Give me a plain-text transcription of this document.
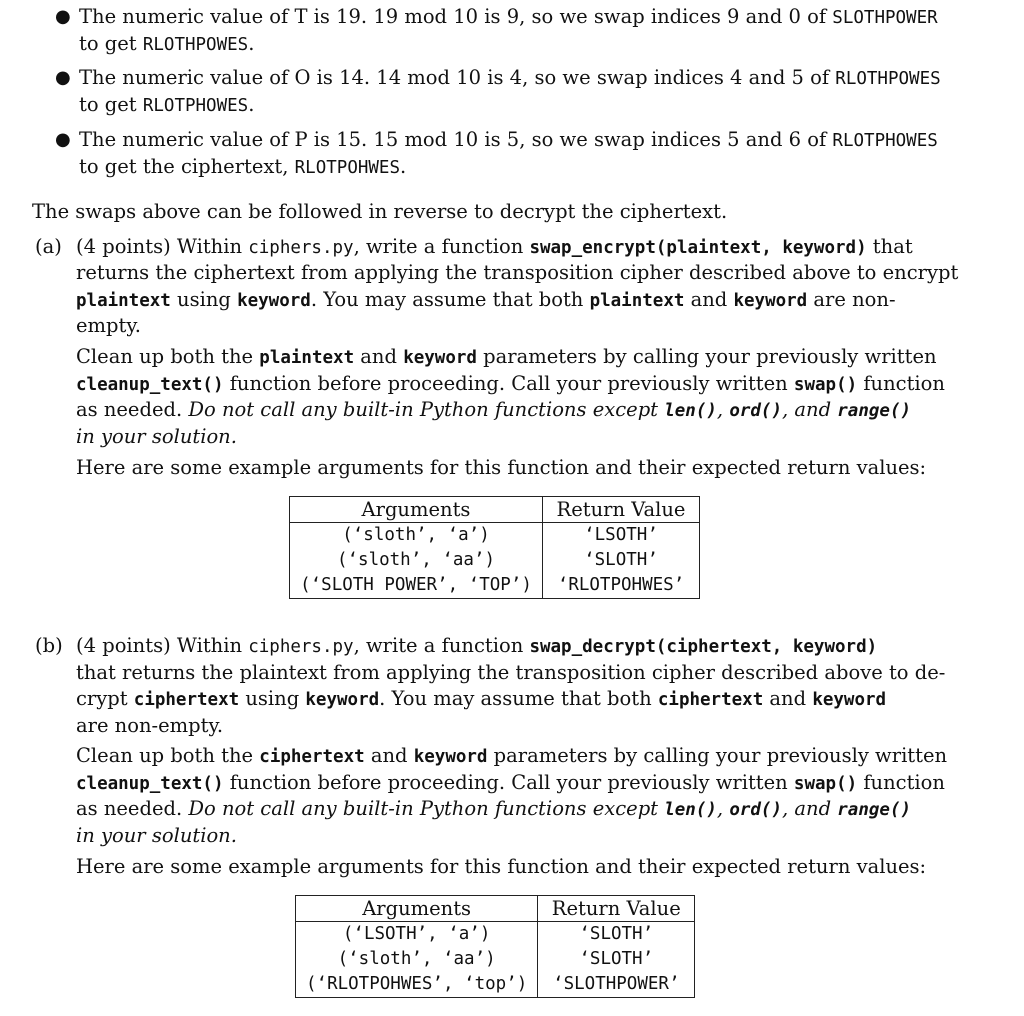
● The numeric value of T is 19. 19 mod 10 is 9, so we swap indices 9 and 0 of SLOTHPOWER
to get RLOTHPOWES.
● The numeric value of O is 14. 14 mod 10 is 4, so we swap indices 4 and 5 of RLOTHPOWES
to get RLOTPHOWES.
● The numeric value of P is 15. 15 mod 10 is 5, so we swap indices 5 and 6 of RLOTPHOWES
to get the ciphertext, RLOTPOHWES.
The swaps above can be followed in reverse to decrypt the ciphertext.
(a) (4 points) Within ciphers.py, write a function swap_encrypt(plaintext, keyword) that
returns the ciphertext from applying the transposition cipher described above to encrypt
plaintext using keyword. You may assume that both plaintext and keyword are non-
empty.
Clean up both the plaintext and keyword parameters by calling your previously written
cleanup_text() function before proceeding. Call your previously written swap() function
as needed. Do not call any built-in Python functions except len(), ord(), and range()
in your solution.
Here are some example arguments for this function and their expected return values:
Arguments	Return Value
(‘sloth’, ‘a’)	‘LSOTH’
(‘sloth’, ‘aa’)	‘SLOTH’
(‘SLOTH POWER’, ‘TOP’)	‘RLOTPOHWES’
(b) (4 points) Within ciphers.py, write a function swap_decrypt(ciphertext, keyword)
that returns the plaintext from applying the transposition cipher described above to de-
crypt ciphertext using keyword. You may assume that both ciphertext and keyword
are non-empty.
Clean up both the ciphertext and keyword parameters by calling your previously written
cleanup_text() function before proceeding. Call your previously written swap() function
as needed. Do not call any built-in Python functions except len(), ord(), and range()
in your solution.
Here are some example arguments for this function and their expected return values:
Arguments	Return Value
(‘LSOTH’, ‘a’)	‘SLOTH’
(‘sloth’, ‘aa’)	‘SLOTH’
(‘RLOTPOHWES’, ‘top’)	‘SLOTHPOWER’
